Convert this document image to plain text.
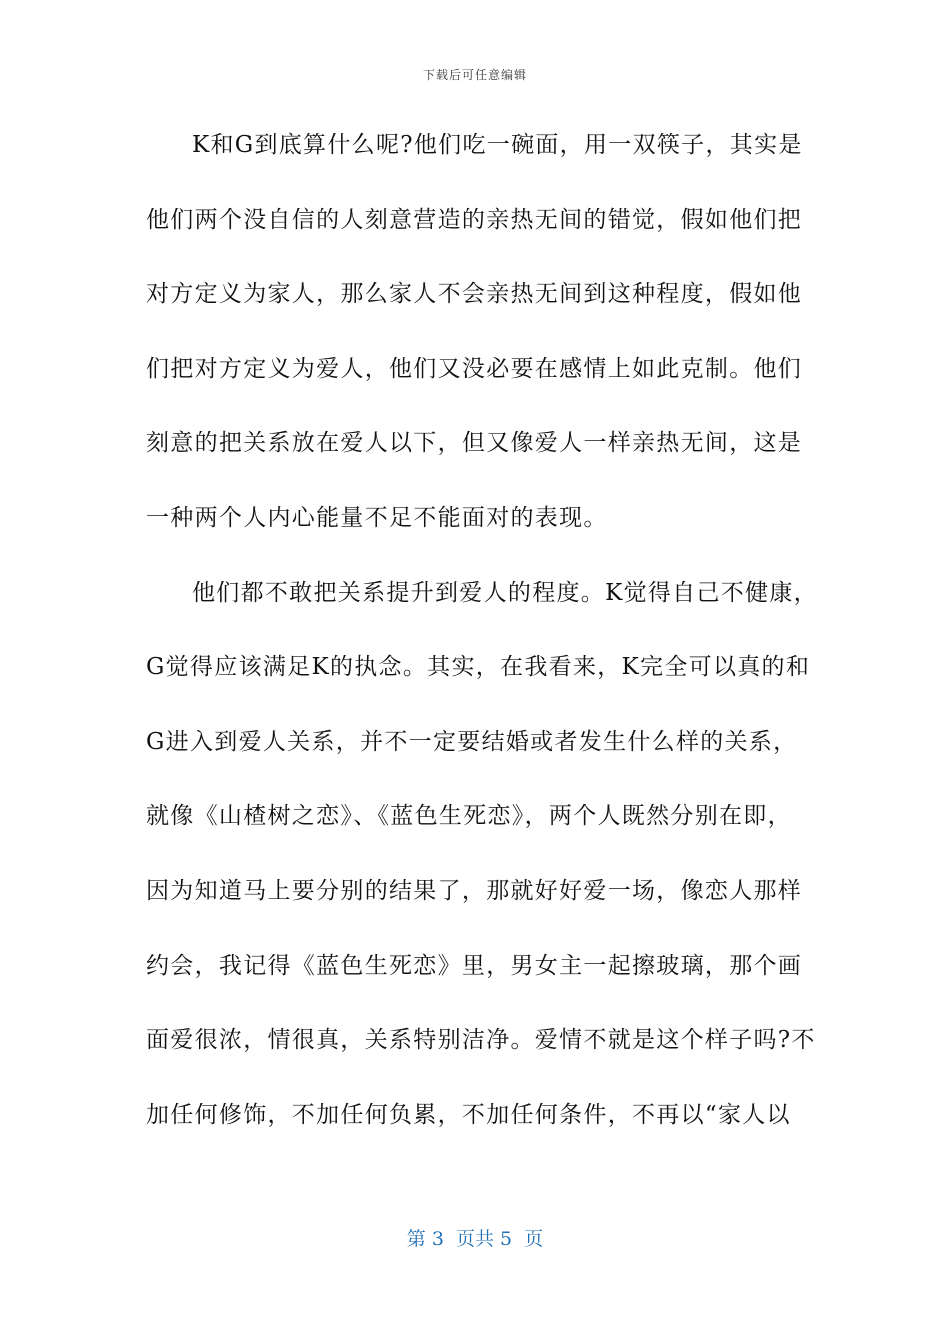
下载后可任意编辑
K和G到底算什么呢?他们吃一碗面，用一双筷子，其实是
他们两个没自信的人刻意营造的亲热无间的错觉，假如他们把
对方定义为家人，那么家人不会亲热无间到这种程度，假如他
们把对方定义为爱人，他们又没必要在感情上如此克制。他们
刻意的把关系放在爱人以下，但又像爱人一样亲热无间，这是
一种两个人内心能量不足不能面对的表现。
他们都不敢把关系提升到爱人的程度。K觉得自己不健康，
G觉得应该满足K的执念。其实，在我看来，K完全可以真的和
G进入到爱人关系，并不一定要结婚或者发生什么样的关系，
就像《山楂树之恋》、《蓝色生死恋》，两个人既然分别在即，
因为知道马上要分别的结果了，那就好好爱一场，像恋人那样
约会，我记得《蓝色生死恋》里，男女主一起擦玻璃，那个画
面爱很浓，情很真，关系特别洁净。爱情不就是这个样子吗?不
加任何修饰，不加任何负累，不加任何条件，不再以“家人以
第 3  页共 5  页
